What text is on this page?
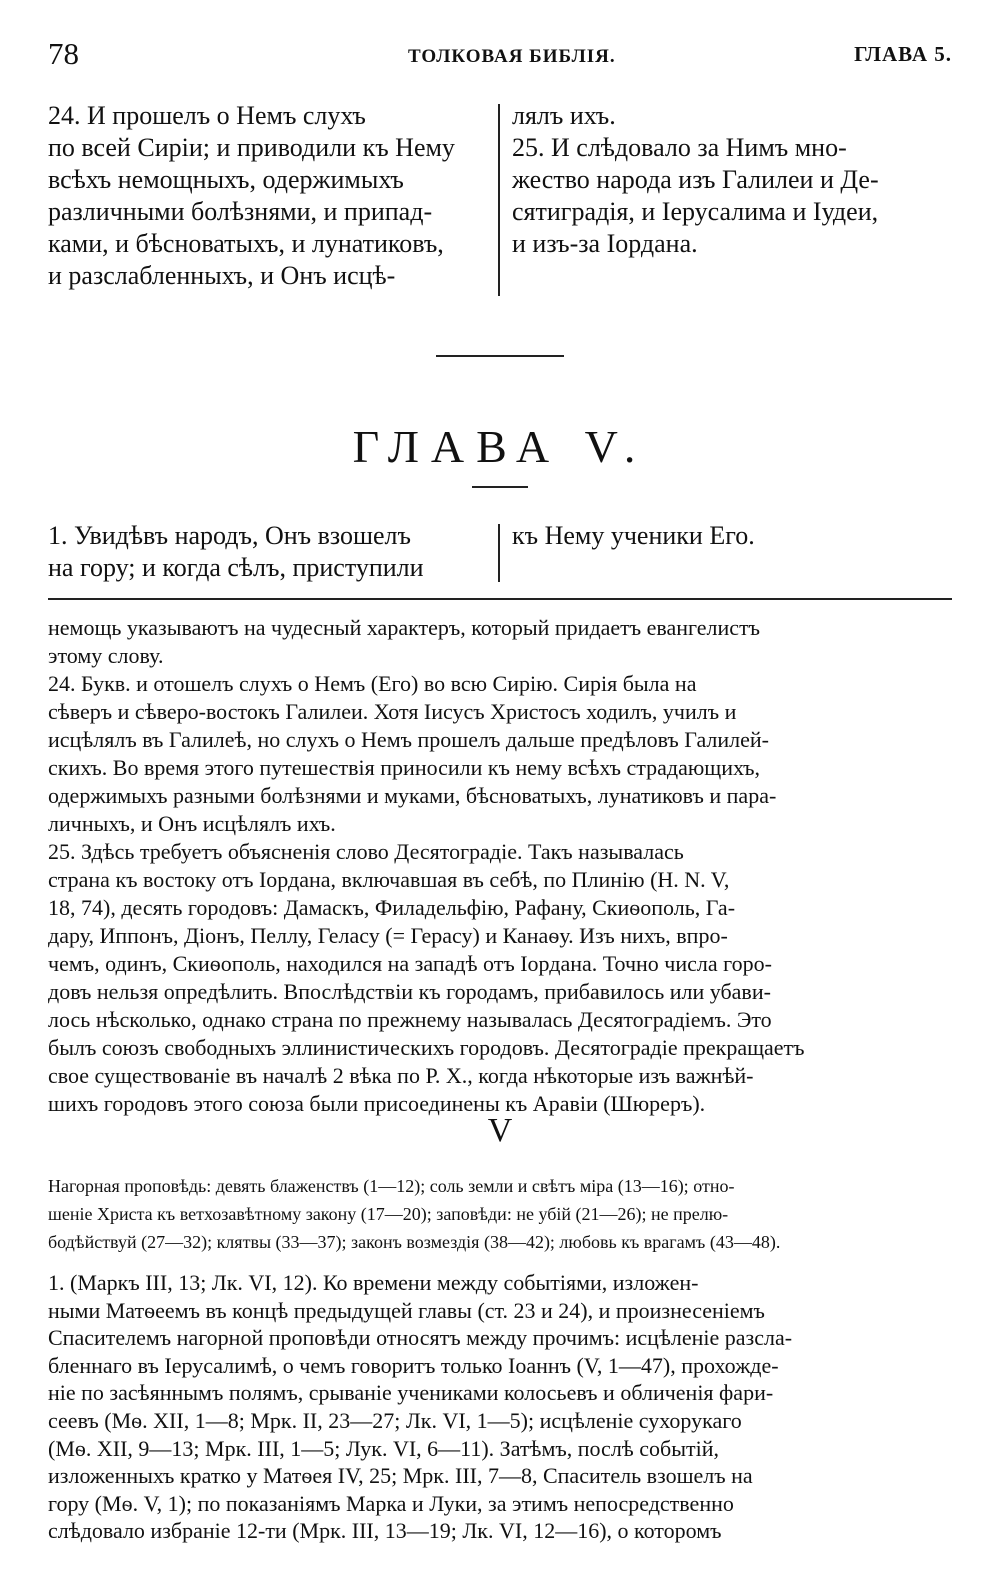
78	ТОЛКОВАЯ БИБЛІЯ.	ГЛАВА 5.
24. И прошелъ о Немъ слухъ
по всей Сиріи; и приводили къ Нему
всѣхъ немощныхъ, одержимыхъ
различными болѣзнями, и припад-
ками, и бѣсноватыхъ, и лунатиковъ,
и разслабленныхъ, и Онъ исцѣ-
лялъ ихъ.
25. И слѣдовало за Нимъ мно-
жество народа изъ Галилеи и Де-
сятиградія, и Іерусалима и Іудеи,
и изъ-за Іордана.
ГЛАВА V.
1. Увидѣвъ народъ, Онъ взошелъ
на гору; и когда сѣлъ, приступили
къ Нему ученики Его.
немощь указываютъ на чудесный характеръ, который придаетъ евангелистъ
этому слову.
24. Букв. и отошелъ слухъ о Немъ (Его) во всю Сирію. Сирія была на
сѣверъ и сѣверо-востокъ Галилеи. Хотя Іисусъ Христосъ ходилъ, училъ и
исцѣлялъ въ Галилеѣ, но слухъ о Немъ прошелъ дальше предѣловъ Галилей-
скихъ. Во время этого путешествія приносили къ нему всѣхъ страдающихъ,
одержимыхъ разными болѣзнями и муками, бѣсноватыхъ, лунатиковъ и пара-
личныхъ, и Онъ исцѣлялъ ихъ.
25. Здѣсь требуетъ объясненія слово Десятоградіе. Такъ называлась
страна къ востоку отъ Іордана, включавшая въ себѣ, по Плинію (H. N. V,
18, 74), десять городовъ: Дамаскъ, Филадельфію, Рафану, Скиѳополь, Га-
дару, Иппонъ, Діонъ, Пеллу, Геласу (= Герасу) и Канаѳу. Изъ нихъ, впро-
чемъ, одинъ, Скиѳополь, находился на западѣ отъ Іордана. Точно числа горо-
довъ нельзя опредѣлить. Впослѣдствіи къ городамъ, прибавилось или убави-
лось нѣсколько, однако страна по прежнему называлась Десятоградіемъ. Это
былъ союзъ свободныхъ эллинистическихъ городовъ. Десятоградіе прекращаетъ
свое существованіе въ началѣ 2 вѣка по Р. Х., когда нѣкоторые изъ важнѣй-
шихъ городовъ этого союза были присоединены къ Аравіи (Шюреръ).
V
Нагорная проповѣдь: девять блаженствъ (1—12); соль земли и свѣтъ міра (13—16); отно-
шеніе Христа къ ветхозавѣтному закону (17—20); заповѣди: не убій (21—26); не прелю-
бодѣйствуй (27—32); клятвы (33—37); законъ возмездія (38—42); любовь къ врагамъ (43—48).
1. (Маркъ III, 13; Лк. VI, 12). Ко времени между событіями, изложен-
ными Матѳеемъ въ концѣ предыдущей главы (ст. 23 и 24), и произнесеніемъ
Спасителемъ нагорной проповѣди относятъ между прочимъ: исцѣленіе разсла-
бленнаго въ Іерусалимѣ, о чемъ говоритъ только Іоаннъ (V, 1—47), прохожде-
ніе по засѣяннымъ полямъ, срываніе учениками колосьевъ и обличенія фари-
сеевъ (Мѳ. XII, 1—8; Мрк. II, 23—27; Лк. VI, 1—5); исцѣленіе сухорукаго
(Мѳ. XII, 9—13; Мрк. III, 1—5; Лук. VI, 6—11). Затѣмъ, послѣ событій,
изложенныхъ кратко у Матѳея IV, 25; Мрк. III, 7—8, Спаситель взошелъ на
гору (Мѳ. V, 1); по показаніямъ Марка и Луки, за этимъ непосредственно
слѣдовало избраніе 12-ти (Мрк. III, 13—19; Лк. VI, 12—16), о которомъ
